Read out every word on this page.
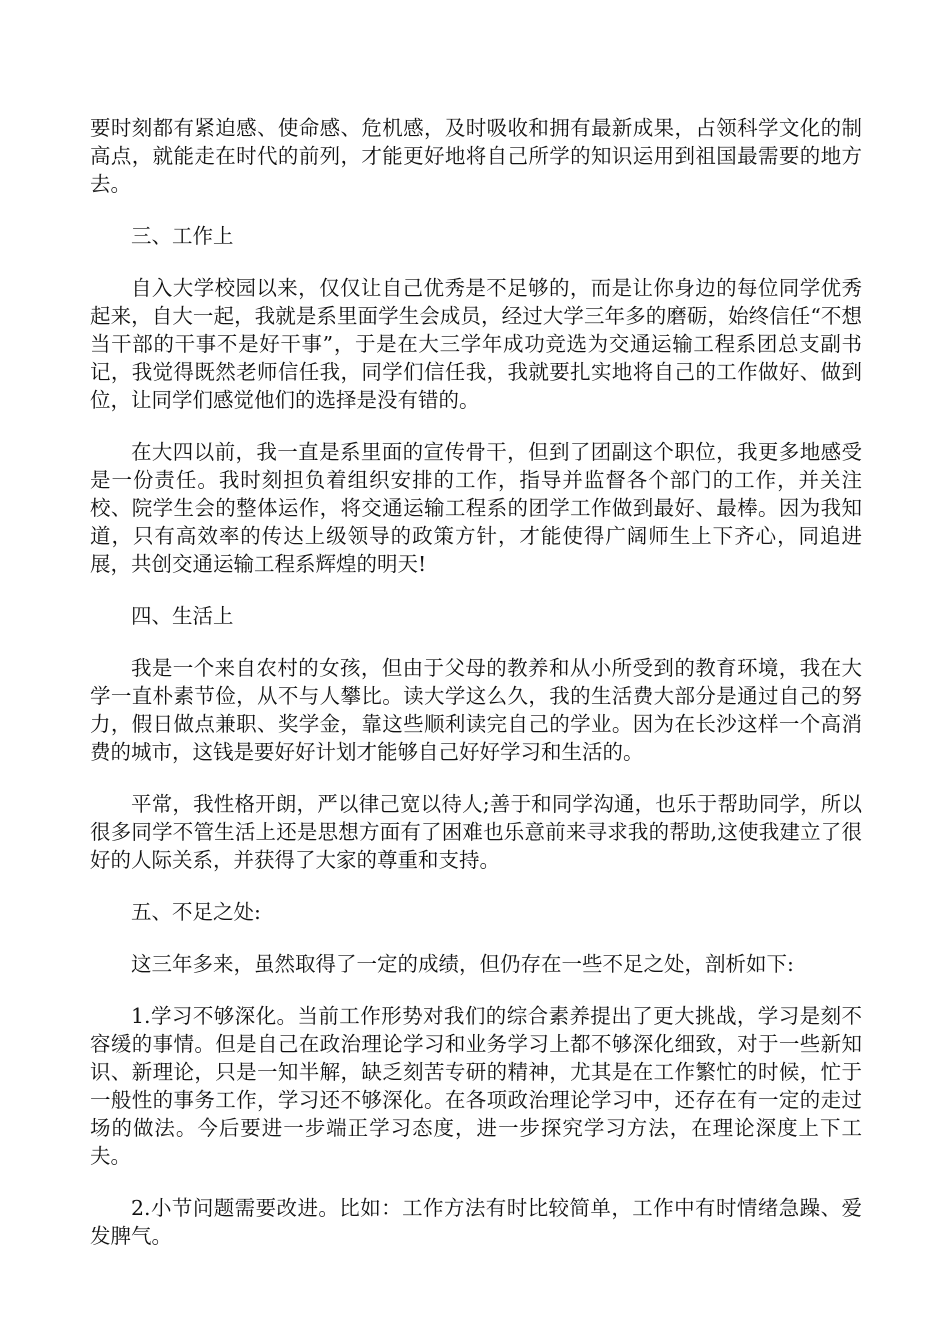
要时刻都有紧迫感、使命感、危机感，及时吸收和拥有最新成果，占领科学文化的制高点，就能走在时代的前列，才能更好地将自己所学的知识运用到祖国最需要的地方去。

三、工作上

自入大学校园以来，仅仅让自己优秀是不足够的，而是让你身边的每位同学优秀起来，自大一起，我就是系里面学生会成员，经过大学三年多的磨砺，始终信任“不想当干部的干事不是好干事”，于是在大三学年成功竞选为交通运输工程系团总支副书记，我觉得既然老师信任我，同学们信任我，我就要扎实地将自己的工作做好、做到位，让同学们感觉他们的选择是没有错的。

在大四以前，我一直是系里面的宣传骨干，但到了团副这个职位，我更多地感受是一份责任。我时刻担负着组织安排的工作，指导并监督各个部门的工作，并关注校、院学生会的整体运作，将交通运输工程系的团学工作做到最好、最棒。因为我知道，只有高效率的传达上级领导的政策方针，才能使得广阔师生上下齐心，同追进展，共创交通运输工程系辉煌的明天!

四、生活上

我是一个来自农村的女孩，但由于父母的教养和从小所受到的教育环境，我在大学一直朴素节俭，从不与人攀比。读大学这么久，我的生活费大部分是通过自己的努力，假日做点兼职、奖学金，靠这些顺利读完自己的学业。因为在长沙这样一个高消费的城市，这钱是要好好计划才能够自己好好学习和生活的。

平常，我性格开朗，严以律己宽以待人;善于和同学沟通，也乐于帮助同学，所以很多同学不管生活上还是思想方面有了困难也乐意前来寻求我的帮助,这使我建立了很好的人际关系，并获得了大家的尊重和支持。

五、不足之处:

这三年多来，虽然取得了一定的成绩，但仍存在一些不足之处，剖析如下:

1.学习不够深化。当前工作形势对我们的综合素养提出了更大挑战，学习是刻不容缓的事情。但是自己在政治理论学习和业务学习上都不够深化细致，对于一些新知识、新理论，只是一知半解，缺乏刻苦专研的精神，尤其是在工作繁忙的时候，忙于一般性的事务工作，学习还不够深化。在各项政治理论学习中，还存在有一定的走过场的做法。今后要进一步端正学习态度，进一步探究学习方法，在理论深度上下工夫。

2.小节问题需要改进。比如：工作方法有时比较简单，工作中有时情绪急躁、爱发脾气。
